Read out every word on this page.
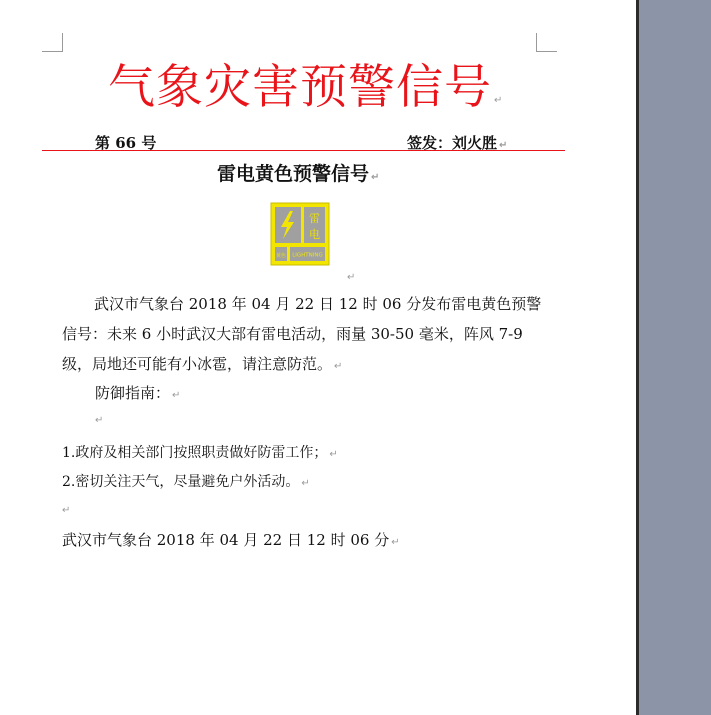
气象灾害预警信号 ↵
第 66 号	签发：刘火胜 ↵
雷电黄色预警信号 ↵
雷
电
黄色 LIGHTNING
↵
武汉市气象台 2018 年 04 月 22 日 12 时 06 分发布雷电黄色预警
信号：未来 6 小时武汉大部有雷电活动，雨量 30-50 毫米，阵风 7-9
级，局地还可能有小冰雹，请注意防范。 ↵
防御指南： ↵
↵
1.政府及相关部门按照职责做好防雷工作； ↵
2.密切关注天气，尽量避免户外活动。 ↵
↵
武汉市气象台 2018 年 04 月 22 日 12 时 06 分 ↵
